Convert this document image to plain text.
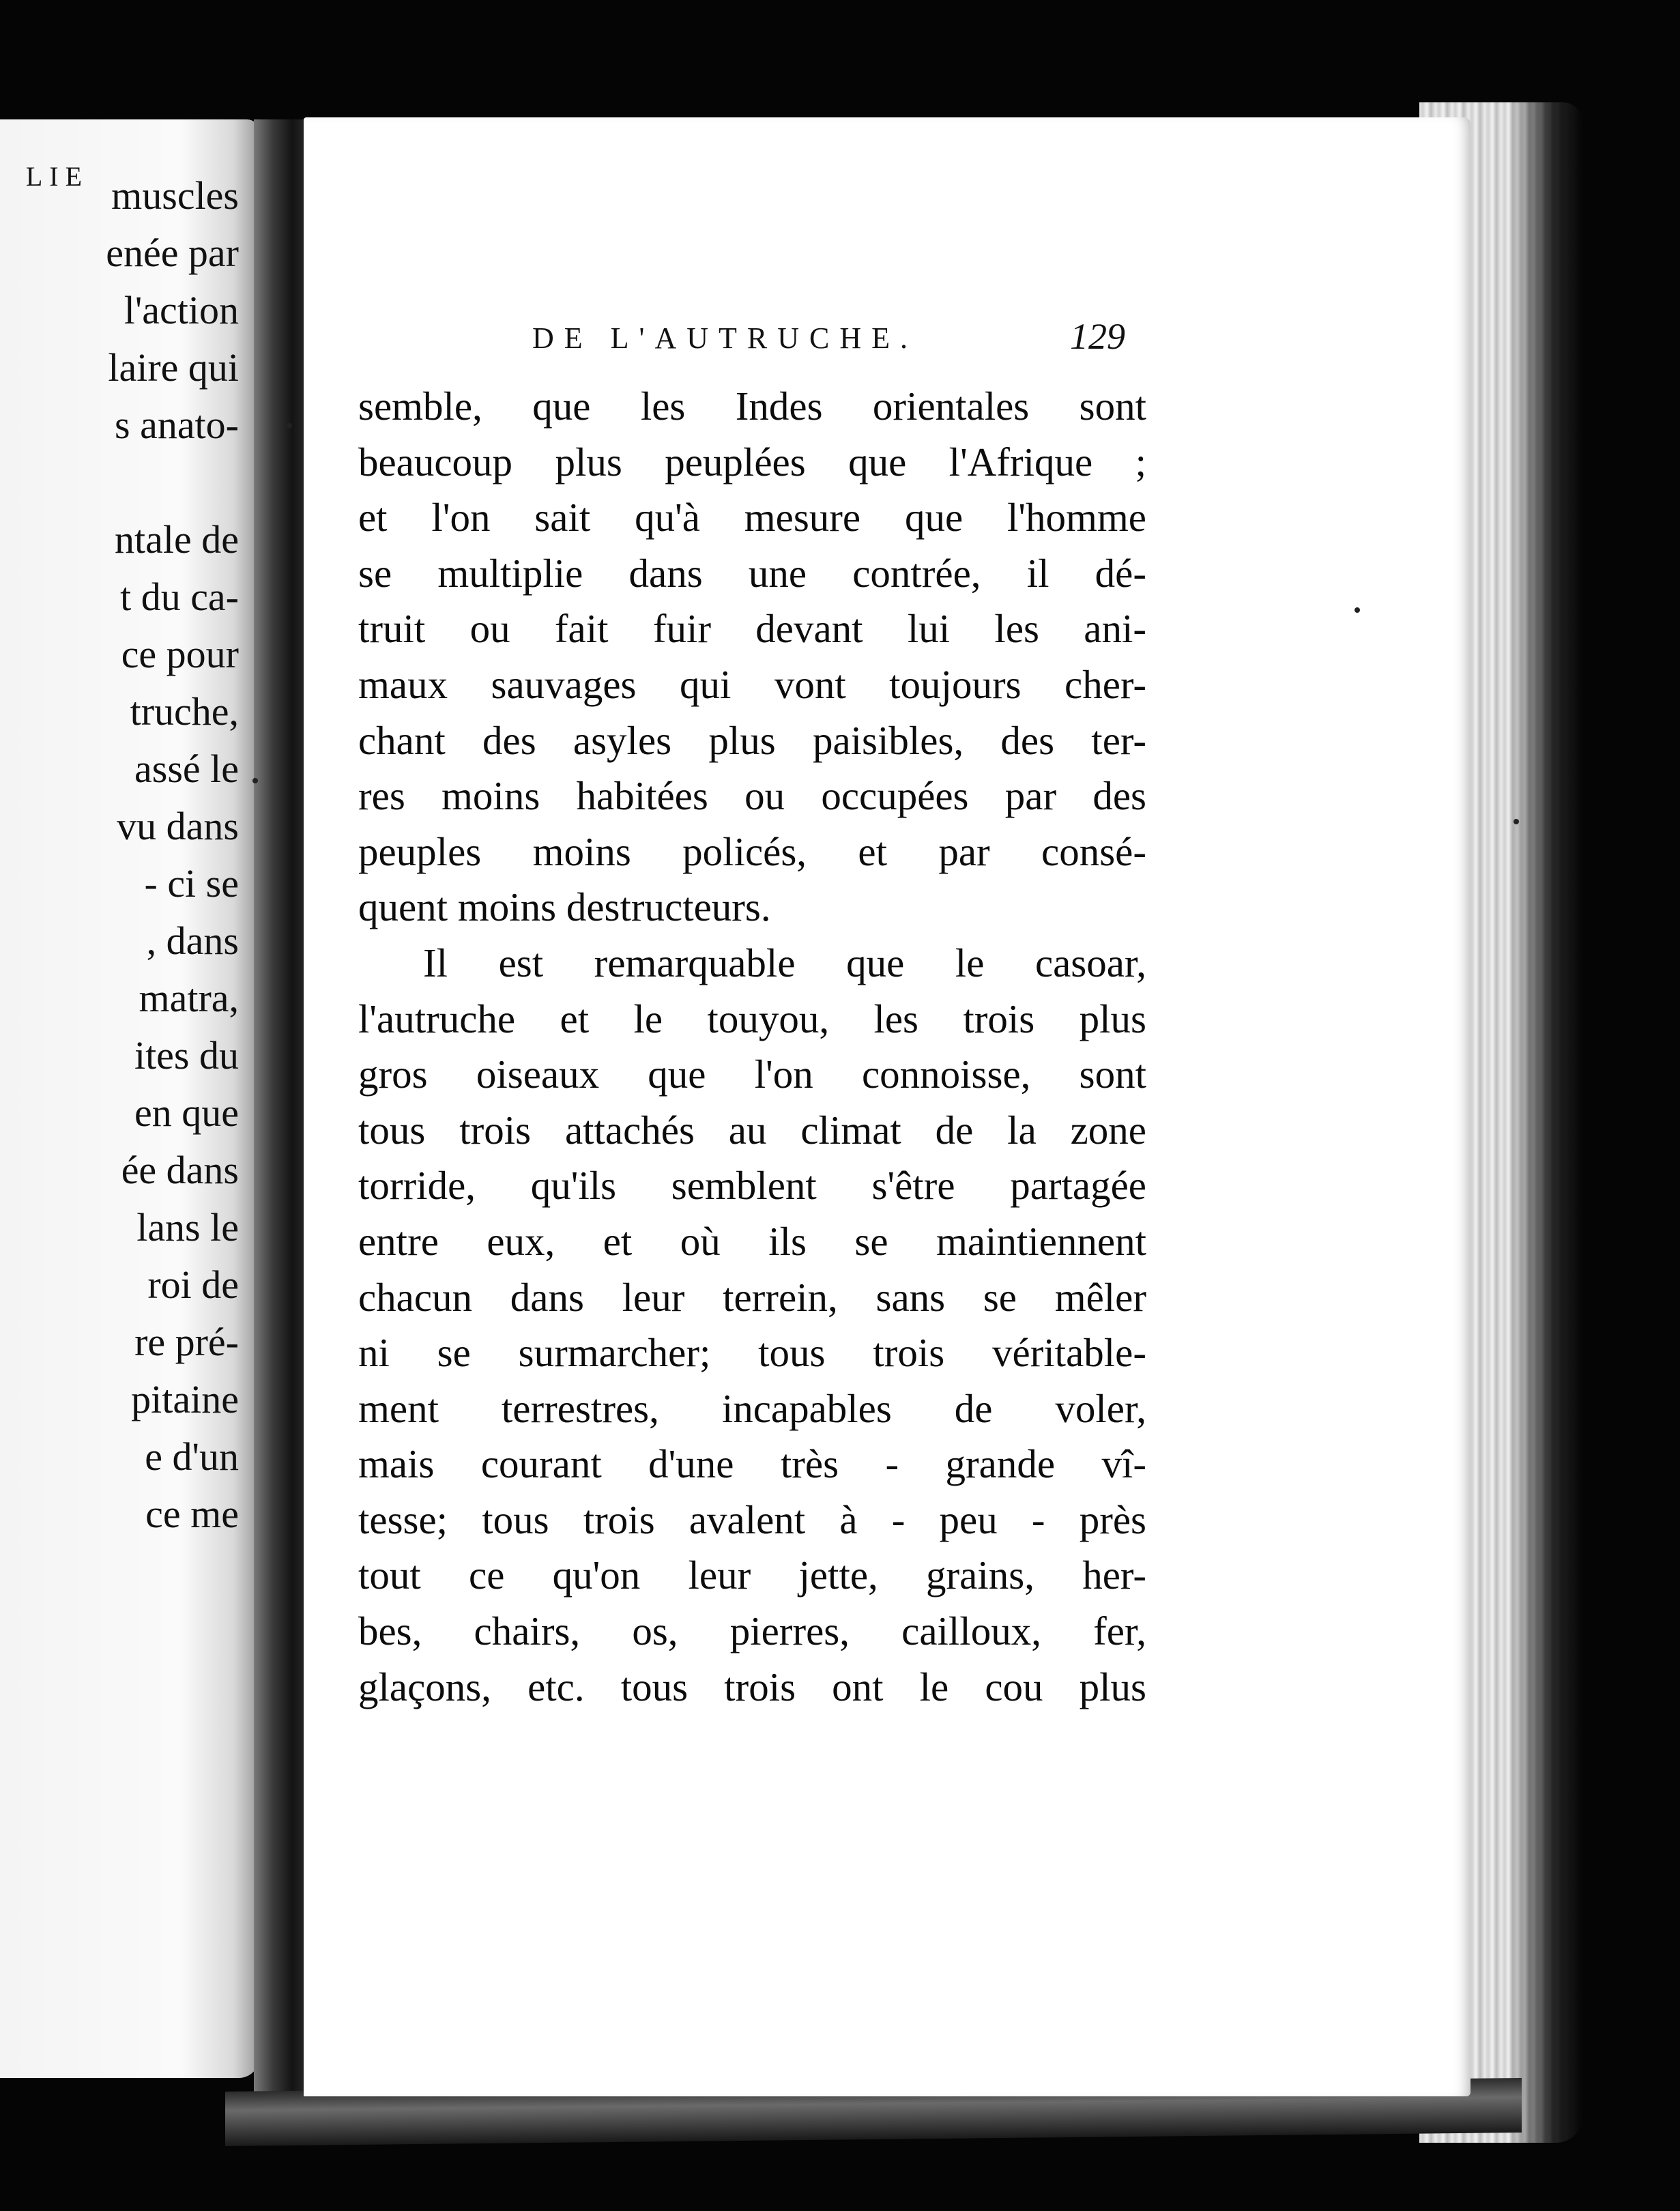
LIE muscles
enée par
l'action
laire qui
s anato-
ntale de
t du ca-
ce pour
truche,
assé le
vu dans
- ci se
, dans
matra,
ites du
en que
ée dans
lans le
roi de
re pré-
pitaine
e d'un
ce me
DE L'AUTRUCHE.	129
semble, que les Indes orientales sont
beaucoup plus peuplées que l'Afrique ;
et l'on sait qu'à mesure que l'homme
se multiplie dans une contrée, il dé-
truit ou fait fuir devant lui les ani-
maux sauvages qui vont toujours cher-
chant des asyles plus paisibles, des ter-
res moins habitées ou occupées par des
peuples moins policés, et par consé-
quent moins destructeurs.
Il est remarquable que le casoar,
l'autruche et le touyou, les trois plus
gros oiseaux que l'on connoisse, sont
tous trois attachés au climat de la zone
torride, qu'ils semblent s'être partagée
entre eux, et où ils se maintiennent
chacun dans leur terrein, sans se mêler
ni se surmarcher; tous trois véritable-
ment terrestres, incapables de voler,
mais courant d'une très - grande vî-
tesse; tous trois avalent à - peu - près
tout ce qu'on leur jette, grains, her-
bes, chairs, os, pierres, cailloux, fer,
glaçons, etc. tous trois ont le cou plus
